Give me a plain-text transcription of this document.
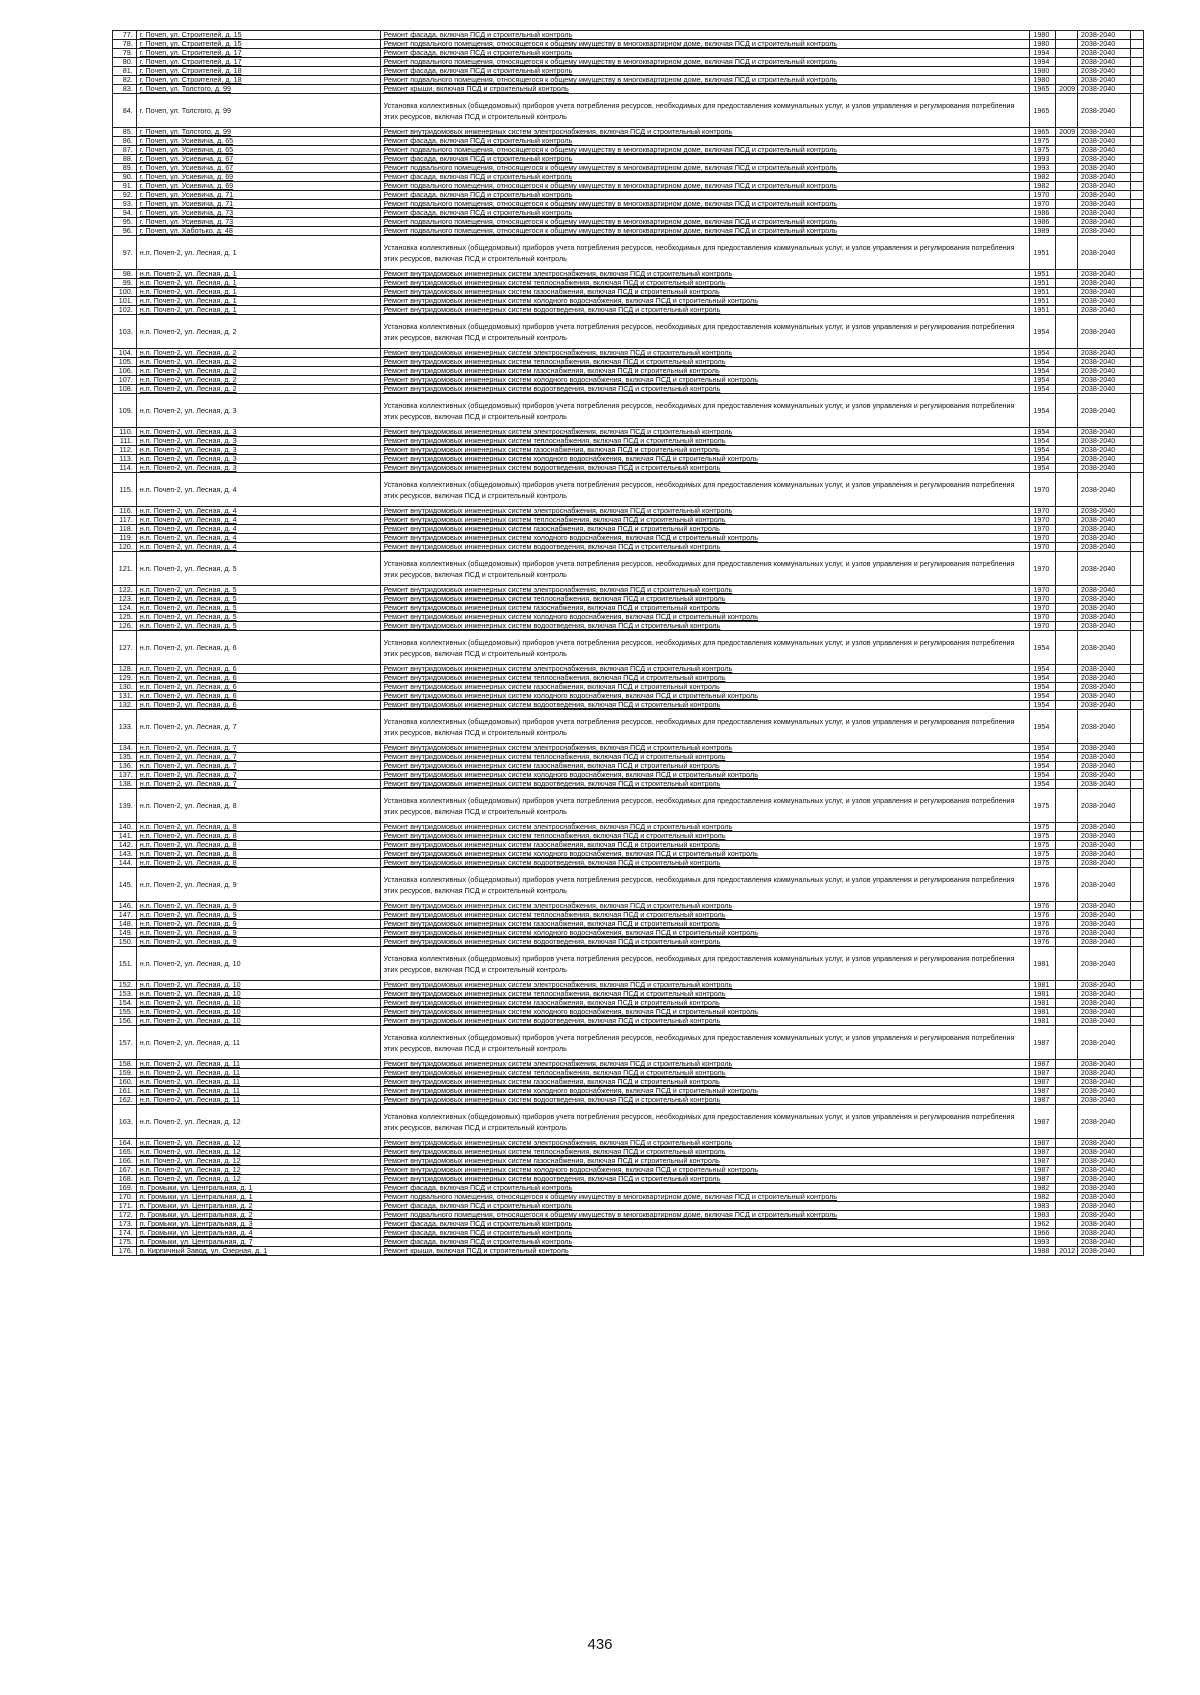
77.	г. Почеп, ул. Строителей, д. 15	Ремонт фасада, включая ПСД и строительный контроль	1980		2038-2040	
78.	г. Почеп, ул. Строителей, д. 15	Ремонт подвального помещения, относящегося к общему имуществу в многоквартирном доме, включая ПСД и строительный контроль	1980		2038-2040	
79.	г. Почеп, ул. Строителей, д. 17	Ремонт фасада, включая ПСД и строительный контроль	1994		2038-2040	
80.	г. Почеп, ул. Строителей, д. 17	Ремонт подвального помещения, относящегося к общему имуществу в многоквартирном доме, включая ПСД и строительный контроль	1994		2038-2040	
81.	г. Почеп, ул. Строителей, д. 18	Ремонт фасада, включая ПСД и строительный контроль	1980		2038-2040	
82.	г. Почеп, ул. Строителей, д. 18	Ремонт подвального помещения, относящегося к общему имуществу в многоквартирном доме, включая ПСД и строительный контроль	1980		2038-2040	
83.	г. Почеп, ул. Толстого, д. 99	Ремонт крыши, включая ПСД и строительный контроль	1965	2009	2038-2040	
84.	г. Почеп, ул. Толстого, д. 99	Установка коллективных (общедомовых) приборов учета потребления ресурсов, необходимых для предоставления коммунальных услуг, и узлов управления и регулирования потребления этих ресурсов, включая ПСД и строительный контроль	1965		2038-2040	
85.	г. Почеп, ул. Толстого, д. 99	Ремонт внутридомовых инженерных систем электроснабжения, включая ПСД и строительный контроль	1965	2009	2038-2040	
86.	г. Почеп, ул. Усиевича, д. 65	Ремонт фасада, включая ПСД и строительный контроль	1975		2038-2040	
87.	г. Почеп, ул. Усиевича, д. 65	Ремонт подвального помещения, относящегося к общему имуществу в многоквартирном доме, включая ПСД и строительный контроль	1975		2038-2040	
88.	г. Почеп, ул. Усиевича, д. 67	Ремонт фасада, включая ПСД и строительный контроль	1993		2038-2040	
89.	г. Почеп, ул. Усиевича, д. 67	Ремонт подвального помещения, относящегося к общему имуществу в многоквартирном доме, включая ПСД и строительный контроль	1993		2038-2040	
90.	г. Почеп, ул. Усиевича, д. 69	Ремонт фасада, включая ПСД и строительный контроль	1982		2038-2040	
91.	г. Почеп, ул. Усиевича, д. 69	Ремонт подвального помещения, относящегося к общему имуществу в многоквартирном доме, включая ПСД и строительный контроль	1982		2038-2040	
92.	г. Почеп, ул. Усиевича, д. 71	Ремонт фасада, включая ПСД и строительный контроль	1970		2038-2040	
93.	г. Почеп, ул. Усиевича, д. 71	Ремонт подвального помещения, относящегося к общему имуществу в многоквартирном доме, включая ПСД и строительный контроль	1970		2038-2040	
94.	г. Почеп, ул. Усиевича, д. 73	Ремонт фасада, включая ПСД и строительный контроль	1986		2038-2040	
95.	г. Почеп, ул. Усиевича, д. 73	Ремонт подвального помещения, относящегося к общему имуществу в многоквартирном доме, включая ПСД и строительный контроль	1986		2038-2040	
96.	г. Почеп, ул. Хаботько, д. 48	Ремонт подвального помещения, относящегося к общему имуществу в многоквартирном доме, включая ПСД и строительный контроль	1989		2038-2040	
97.	н.п. Почеп-2, ул. Лесная, д. 1	Установка коллективных (общедомовых) приборов учета потребления ресурсов, необходимых для предоставления коммунальных услуг, и узлов управления и регулирования потребления этих ресурсов, включая ПСД и строительный контроль	1951		2038-2040	
98.	н.п. Почеп-2, ул. Лесная, д. 1	Ремонт внутридомовых инженерных систем электроснабжения, включая ПСД и строительный контроль	1951		2038-2040	
99.	н.п. Почеп-2, ул. Лесная, д. 1	Ремонт внутридомовых инженерных систем теплоснабжения, включая ПСД и строительный контроль	1951		2038-2040	
100.	н.п. Почеп-2, ул. Лесная, д. 1	Ремонт внутридомовых инженерных систем газоснабжения, включая ПСД и строительный контроль	1951		2038-2040	
101.	н.п. Почеп-2, ул. Лесная, д. 1	Ремонт внутридомовых инженерных систем холодного водоснабжения, включая ПСД и строительный контроль	1951		2038-2040	
102.	н.п. Почеп-2, ул. Лесная, д. 1	Ремонт внутридомовых инженерных систем водоотведения, включая ПСД и строительный контроль	1951		2038-2040	
103.	н.п. Почеп-2, ул. Лесная, д. 2	Установка коллективных (общедомовых) приборов учета потребления ресурсов, необходимых для предоставления коммунальных услуг, и узлов управления и регулирования потребления этих ресурсов, включая ПСД и строительный контроль	1954		2038-2040	
104.	н.п. Почеп-2, ул. Лесная, д. 2	Ремонт внутридомовых инженерных систем электроснабжения, включая ПСД и строительный контроль	1954		2038-2040	
105.	н.п. Почеп-2, ул. Лесная, д. 2	Ремонт внутридомовых инженерных систем теплоснабжения, включая ПСД и строительный контроль	1954		2038-2040	
106.	н.п. Почеп-2, ул. Лесная, д. 2	Ремонт внутридомовых инженерных систем газоснабжения, включая ПСД и строительный контроль	1954		2038-2040	
107.	н.п. Почеп-2, ул. Лесная, д. 2	Ремонт внутридомовых инженерных систем холодного водоснабжения, включая ПСД и строительный контроль	1954		2038-2040	
108.	н.п. Почеп-2, ул. Лесная, д. 2	Ремонт внутридомовых инженерных систем водоотведения, включая ПСД и строительный контроль	1954		2038-2040	
109.	н.п. Почеп-2, ул. Лесная, д. 3	Установка коллективных (общедомовых) приборов учета потребления ресурсов, необходимых для предоставления коммунальных услуг, и узлов управления и регулирования потребления этих ресурсов, включая ПСД и строительный контроль	1954		2038-2040	
110.	н.п. Почеп-2, ул. Лесная, д. 3	Ремонт внутридомовых инженерных систем электроснабжения, включая ПСД и строительный контроль	1954		2038-2040	
111.	н.п. Почеп-2, ул. Лесная, д. 3	Ремонт внутридомовых инженерных систем теплоснабжения, включая ПСД и строительный контроль	1954		2038-2040	
112.	н.п. Почеп-2, ул. Лесная, д. 3	Ремонт внутридомовых инженерных систем газоснабжения, включая ПСД и строительный контроль	1954		2038-2040	
113.	н.п. Почеп-2, ул. Лесная, д. 3	Ремонт внутридомовых инженерных систем холодного водоснабжения, включая ПСД и строительный контроль	1954		2038-2040	
114.	н.п. Почеп-2, ул. Лесная, д. 3	Ремонт внутридомовых инженерных систем водоотведения, включая ПСД и строительный контроль	1954		2038-2040	
115.	н.п. Почеп-2, ул. Лесная, д. 4	Установка коллективных (общедомовых) приборов учета потребления ресурсов, необходимых для предоставления коммунальных услуг, и узлов управления и регулирования потребления этих ресурсов, включая ПСД и строительный контроль	1970		2038-2040	
116.	н.п. Почеп-2, ул. Лесная, д. 4	Ремонт внутридомовых инженерных систем электроснабжения, включая ПСД и строительный контроль	1970		2038-2040	
117.	н.п. Почеп-2, ул. Лесная, д. 4	Ремонт внутридомовых инженерных систем теплоснабжения, включая ПСД и строительный контроль	1970		2038-2040	
118.	н.п. Почеп-2, ул. Лесная, д. 4	Ремонт внутридомовых инженерных систем газоснабжения, включая ПСД и строительный контроль	1970		2038-2040	
119.	н.п. Почеп-2, ул. Лесная, д. 4	Ремонт внутридомовых инженерных систем холодного водоснабжения, включая ПСД и строительный контроль	1970		2038-2040	
120.	н.п. Почеп-2, ул. Лесная, д. 4	Ремонт внутридомовых инженерных систем водоотведения, включая ПСД и строительный контроль	1970		2038-2040	
121.	н.п. Почеп-2, ул. Лесная, д. 5	Установка коллективных (общедомовых) приборов учета потребления ресурсов, необходимых для предоставления коммунальных услуг, и узлов управления и регулирования потребления этих ресурсов, включая ПСД и строительный контроль	1970		2038-2040	
122.	н.п. Почеп-2, ул. Лесная, д. 5	Ремонт внутридомовых инженерных систем электроснабжения, включая ПСД и строительный контроль	1970		2038-2040	
123.	н.п. Почеп-2, ул. Лесная, д. 5	Ремонт внутридомовых инженерных систем теплоснабжения, включая ПСД и строительный контроль	1970		2038-2040	
124.	н.п. Почеп-2, ул. Лесная, д. 5	Ремонт внутридомовых инженерных систем газоснабжения, включая ПСД и строительный контроль	1970		2038-2040	
125.	н.п. Почеп-2, ул. Лесная, д. 5	Ремонт внутридомовых инженерных систем холодного водоснабжения, включая ПСД и строительный контроль	1970		2038-2040	
126.	н.п. Почеп-2, ул. Лесная, д. 5	Ремонт внутридомовых инженерных систем водоотведения, включая ПСД и строительный контроль	1970		2038-2040	
127.	н.п. Почеп-2, ул. Лесная, д. 6	Установка коллективных (общедомовых) приборов учета потребления ресурсов, необходимых для предоставления коммунальных услуг, и узлов управления и регулирования потребления этих ресурсов, включая ПСД и строительный контроль	1954		2038-2040	
128.	н.п. Почеп-2, ул. Лесная, д. 6	Ремонт внутридомовых инженерных систем электроснабжения, включая ПСД и строительный контроль	1954		2038-2040	
129.	н.п. Почеп-2, ул. Лесная, д. 6	Ремонт внутридомовых инженерных систем теплоснабжения, включая ПСД и строительный контроль	1954		2038-2040	
130.	н.п. Почеп-2, ул. Лесная, д. 6	Ремонт внутридомовых инженерных систем газоснабжения, включая ПСД и строительный контроль	1954		2038-2040	
131.	н.п. Почеп-2, ул. Лесная, д. 6	Ремонт внутридомовых инженерных систем холодного водоснабжения, включая ПСД и строительный контроль	1954		2038-2040	
132.	н.п. Почеп-2, ул. Лесная, д. 6	Ремонт внутридомовых инженерных систем водоотведения, включая ПСД и строительный контроль	1954		2038-2040	
133.	н.п. Почеп-2, ул. Лесная, д. 7	Установка коллективных (общедомовых) приборов учета потребления ресурсов, необходимых для предоставления коммунальных услуг, и узлов управления и регулирования потребления этих ресурсов, включая ПСД и строительный контроль	1954		2038-2040	
134.	н.п. Почеп-2, ул. Лесная, д. 7	Ремонт внутридомовых инженерных систем электроснабжения, включая ПСД и строительный контроль	1954		2038-2040	
135.	н.п. Почеп-2, ул. Лесная, д. 7	Ремонт внутридомовых инженерных систем теплоснабжения, включая ПСД и строительный контроль	1954		2038-2040	
136.	н.п. Почеп-2, ул. Лесная, д. 7	Ремонт внутридомовых инженерных систем газоснабжения, включая ПСД и строительный контроль	1954		2038-2040	
137.	н.п. Почеп-2, ул. Лесная, д. 7	Ремонт внутридомовых инженерных систем холодного водоснабжения, включая ПСД и строительный контроль	1954		2038-2040	
138.	н.п. Почеп-2, ул. Лесная, д. 7	Ремонт внутридомовых инженерных систем водоотведения, включая ПСД и строительный контроль	1954		2038-2040	
139.	н.п. Почеп-2, ул. Лесная, д. 8	Установка коллективных (общедомовых) приборов учета потребления ресурсов, необходимых для предоставления коммунальных услуг, и узлов управления и регулирования потребления этих ресурсов, включая ПСД и строительный контроль	1975		2038-2040	
140.	н.п. Почеп-2, ул. Лесная, д. 8	Ремонт внутридомовых инженерных систем электроснабжения, включая ПСД и строительный контроль	1975		2038-2040	
141.	н.п. Почеп-2, ул. Лесная, д. 8	Ремонт внутридомовых инженерных систем теплоснабжения, включая ПСД и строительный контроль	1975		2038-2040	
142.	н.п. Почеп-2, ул. Лесная, д. 8	Ремонт внутридомовых инженерных систем газоснабжения, включая ПСД и строительный контроль	1975		2038-2040	
143.	н.п. Почеп-2, ул. Лесная, д. 8	Ремонт внутридомовых инженерных систем холодного водоснабжения, включая ПСД и строительный контроль	1975		2038-2040	
144.	н.п. Почеп-2, ул. Лесная, д. 8	Ремонт внутридомовых инженерных систем водоотведения, включая ПСД и строительный контроль	1975		2038-2040	
145.	н.п. Почеп-2, ул. Лесная, д. 9	Установка коллективных (общедомовых) приборов учета потребления ресурсов, необходимых для предоставления коммунальных услуг, и узлов управления и регулирования потребления этих ресурсов, включая ПСД и строительный контроль	1976		2038-2040	
146.	н.п. Почеп-2, ул. Лесная, д. 9	Ремонт внутридомовых инженерных систем электроснабжения, включая ПСД и строительный контроль	1976		2038-2040	
147.	н.п. Почеп-2, ул. Лесная, д. 9	Ремонт внутридомовых инженерных систем теплоснабжения, включая ПСД и строительный контроль	1976		2038-2040	
148.	н.п. Почеп-2, ул. Лесная, д. 9	Ремонт внутридомовых инженерных систем газоснабжения, включая ПСД и строительный контроль	1976		2038-2040	
149.	н.п. Почеп-2, ул. Лесная, д. 9	Ремонт внутридомовых инженерных систем холодного водоснабжения, включая ПСД и строительный контроль	1976		2038-2040	
150.	н.п. Почеп-2, ул. Лесная, д. 9	Ремонт внутридомовых инженерных систем водоотведения, включая ПСД и строительный контроль	1976		2038-2040	
151.	н.п. Почеп-2, ул. Лесная, д. 10	Установка коллективных (общедомовых) приборов учета потребления ресурсов, необходимых для предоставления коммунальных услуг, и узлов управления и регулирования потребления этих ресурсов, включая ПСД и строительный контроль	1981		2038-2040	
152.	н.п. Почеп-2, ул. Лесная, д. 10	Ремонт внутридомовых инженерных систем электроснабжения, включая ПСД и строительный контроль	1981		2038-2040	
153.	н.п. Почеп-2, ул. Лесная, д. 10	Ремонт внутридомовых инженерных систем теплоснабжения, включая ПСД и строительный контроль	1981		2038-2040	
154.	н.п. Почеп-2, ул. Лесная, д. 10	Ремонт внутридомовых инженерных систем газоснабжения, включая ПСД и строительный контроль	1981		2038-2040	
155.	н.п. Почеп-2, ул. Лесная, д. 10	Ремонт внутридомовых инженерных систем холодного водоснабжения, включая ПСД и строительный контроль	1981		2038-2040	
156.	н.п. Почеп-2, ул. Лесная, д. 10	Ремонт внутридомовых инженерных систем водоотведения, включая ПСД и строительный контроль	1981		2038-2040	
157.	н.п. Почеп-2, ул. Лесная, д. 11	Установка коллективных (общедомовых) приборов учета потребления ресурсов, необходимых для предоставления коммунальных услуг, и узлов управления и регулирования потребления этих ресурсов, включая ПСД и строительный контроль	1987		2038-2040	
158.	н.п. Почеп-2, ул. Лесная, д. 11	Ремонт внутридомовых инженерных систем электроснабжения, включая ПСД и строительный контроль	1987		2038-2040	
159.	н.п. Почеп-2, ул. Лесная, д. 11	Ремонт внутридомовых инженерных систем теплоснабжения, включая ПСД и строительный контроль	1987		2038-2040	
160.	н.п. Почеп-2, ул. Лесная, д. 11	Ремонт внутридомовых инженерных систем газоснабжения, включая ПСД и строительный контроль	1987		2038-2040	
161.	н.п. Почеп-2, ул. Лесная, д. 11	Ремонт внутридомовых инженерных систем холодного водоснабжения, включая ПСД и строительный контроль	1987		2038-2040	
162.	н.п. Почеп-2, ул. Лесная, д. 11	Ремонт внутридомовых инженерных систем водоотведения, включая ПСД и строительный контроль	1987		2038-2040	
163.	н.п. Почеп-2, ул. Лесная, д. 12	Установка коллективных (общедомовых) приборов учета потребления ресурсов, необходимых для предоставления коммунальных услуг, и узлов управления и регулирования потребления этих ресурсов, включая ПСД и строительный контроль	1987		2038-2040	
164.	н.п. Почеп-2, ул. Лесная, д. 12	Ремонт внутридомовых инженерных систем электроснабжения, включая ПСД и строительный контроль	1987		2038-2040	
165.	н.п. Почеп-2, ул. Лесная, д. 12	Ремонт внутридомовых инженерных систем теплоснабжения, включая ПСД и строительный контроль	1987		2038-2040	
166.	н.п. Почеп-2, ул. Лесная, д. 12	Ремонт внутридомовых инженерных систем газоснабжения, включая ПСД и строительный контроль	1987		2038-2040	
167.	н.п. Почеп-2, ул. Лесная, д. 12	Ремонт внутридомовых инженерных систем холодного водоснабжения, включая ПСД и строительный контроль	1987		2038-2040	
168.	н.п. Почеп-2, ул. Лесная, д. 12	Ремонт внутридомовых инженерных систем водоотведения, включая ПСД и строительный контроль	1987		2038-2040	
169.	п. Громыки, ул. Центральная, д. 1	Ремонт фасада, включая ПСД и строительный контроль	1982		2038-2040	
170.	п. Громыки, ул. Центральная, д. 1	Ремонт подвального помещения, относящегося к общему имуществу в многоквартирном доме, включая ПСД и строительный контроль	1982		2038-2040	
171.	п. Громыки, ул. Центральная, д. 2	Ремонт фасада, включая ПСД и строительный контроль	1983		2038-2040	
172.	п. Громыки, ул. Центральная, д. 2	Ремонт подвального помещения, относящегося к общему имуществу в многоквартирном доме, включая ПСД и строительный контроль	1983		2038-2040	
173.	п. Громыки, ул. Центральная, д. 3	Ремонт фасада, включая ПСД и строительный контроль	1962		2038-2040	
174.	п. Громыки, ул. Центральная, д. 4	Ремонт фасада, включая ПСД и строительный контроль	1966		2038-2040	
175.	п. Громыки, ул. Центральная, д. 7	Ремонт фасада, включая ПСД и строительный контроль	1993		2038-2040	
176.	п. Кирпичный Завод, ул. Озерная, д. 1	Ремонт крыши, включая ПСД и строительный контроль	1988	2012	2038-2040	
436
